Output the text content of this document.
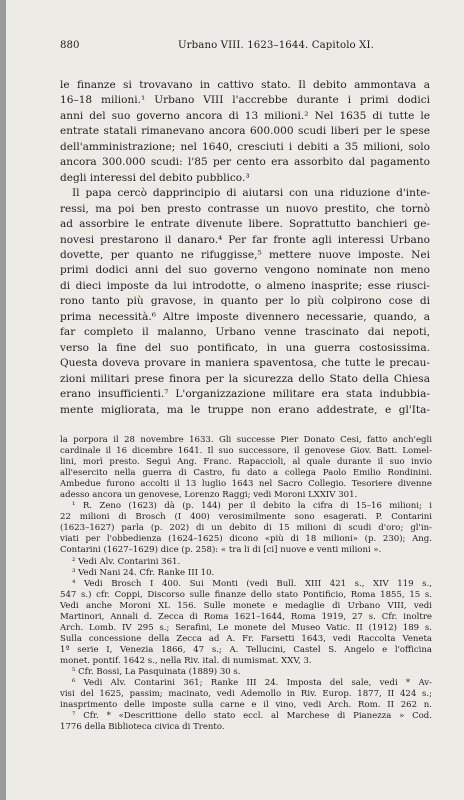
880	Urbano VIII. 1623–1644. Capitolo XI.
le finanze si trovavano in cattivo stato. Il debito ammontava a
16–18 milioni.¹ Urbano VIII l'accrebbe durante i primi dodici
anni del suo governo ancora di 13 milioni.² Nel 1635 di tutte le
entrate statali rimanevano ancora 600.000 scudi liberi per le spese
dell'amministrazione; nel 1640, cresciuti i debiti a 35 milioni, solo
ancora 300.000 scudi: l'85 per cento era assorbito dal pagamento
degli interessi del debito pubblico.³
Il papa cercò dapprincipio di aiutarsi con una riduzione d'inte-
ressi, ma poi ben presto contrasse un nuovo prestito, che tornò
ad assorbire le entrate divenute libere. Soprattutto banchieri ge-
novesi prestarono il danaro.⁴ Per far fronte agli interessi Urbano
dovette, per quanto ne rifuggisse,⁵ mettere nuove imposte. Nei
primi dodici anni del suo governo vengono nominate non meno
di dieci imposte da lui introdotte, o almeno inasprite; esse riusci-
rono tanto più gravose, in quanto per lo più colpirono cose di
prima necessità.⁶ Altre imposte divennero necessarie, quando, a
far completo il malanno, Urbano venne trascinato dai nepoti,
verso la fine del suo pontificato, in una guerra costosissima.
Questa doveva provare in maniera spaventosa, che tutte le precau-
zioni militari prese finora per la sicurezza dello Stato della Chiesa
erano insufficienti.⁷ L'organizzazione militare era stata indubbia-
mente migliorata, ma le truppe non erano addestrate, e gl'Ita-
la porpora il 28 novembre 1633. Gli successe Pier Donato Cesi, fatto anch'egli
cardinale il 16 dicembre 1641. Il suo successore, il genovese Giov. Batt. Lomel-
lini, morì presto. Seguì Ang. Franc. Rapaccioli, al quale durante il suo invio
all'esercito nella guerra di Castro, fu dato a collega Paolo Emilio Rondinini.
Ambedue furono accolti il 13 luglio 1643 nel Sacro Collegio. Tesoriere divenne
adesso ancora un genovese, Lorenzo Raggi; vedi Moroni LXXIV 301.
¹ R. Zeno (1623) dà (p. 144) per il debito la cifra di 15–16 milioni; i
22 milioni di Brosch (I 400) verosimilmente sono esagerati. P. Contarini
(1623–1627) parla (p. 202) di un debito di 15 milioni di scudi d'oro; gl'in-
viati per l'obbedienza (1624–1625) dicono «più di 18 milioni» (p. 230); Ang.
Contarini (1627–1629) dice (p. 258): « tra li di [ci] nuove e venti milioni ».
² Vedi Alv. Contarini 361.
³ Vedi Nani 24. Cfr. Ranke III 10.
⁴ Vedi Brosch I 400. Sui Monti (vedi Bull. XIII 421 s., XIV 119 s.,
547 s.) cfr. Coppi, Discorso sulle finanze dello stato Pontificio, Roma 1855, 15 s.
Vedi anche Moroni XL 156. Sulle monete e medaglie di Urbano VIII, vedi
Martinori, Annali d. Zecca di Roma 1621–1644, Roma 1919, 27 s. Cfr. inoltre
Arch. Lomb. IV 295 s.; Serafini, Le monete del Museo Vatic. II (1912) 189 s.
Sulla concessione della Zecca ad A. Fr. Farsetti 1643, vedi Raccolta Veneta
1ª serie I, Venezia 1866, 47 s.; A. Tellucini, Castel S. Angelo e l'officina
monet. pontif. 1642 s., nella Riv. ital. di numismat. XXV, 3.
⁵ Cfr. Bossi, La Pasquinata (1889) 30 s.
⁶ Vedi Alv. Contarini 361; Ranke III 24. Imposta del sale, vedi * Av-
visi del 1625, passim; macinato, vedi Ademollo in Riv. Europ. 1877, II 424 s.;
inasprimento delle imposte sulla carne e il vino, vedi Arch. Rom. II 262 n.
⁷ Cfr. * «Descrittione dello stato eccl. al Marchese di Pianezza » Cod.
1776 della Biblioteca civica di Trento.
